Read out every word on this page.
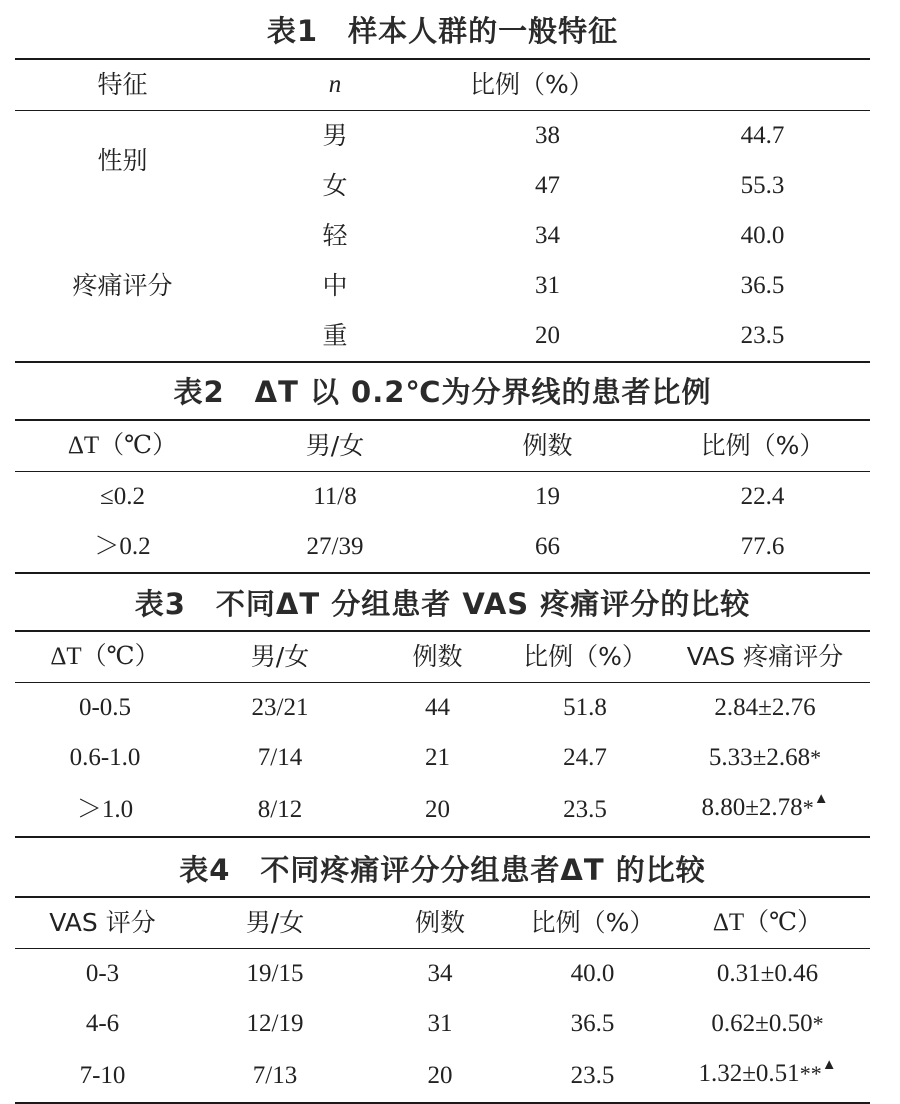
表1　样本人群的一般特征
特征	n	比例（%）	
性别	男	38	44.7
	女	47	55.3
疼痛评分	轻	34	40.0
	中	31	36.5
	重	20	23.5
表2　ΔT 以 0.2℃为分界线的患者比例
ΔT（℃）	男/女	例数	比例（%）
≤0.2	11/8	19	22.4
＞0.2	27/39	66	77.6
表3　不同ΔT 分组患者 VAS 疼痛评分的比较
ΔT（℃）	男/女	例数	比例（%）	VAS 疼痛评分
0-0.5	23/21	44	51.8	2.84±2.76
0.6-1.0	7/14	21	24.7	5.33±2.68*
＞1.0	8/12	20	23.5	8.80±2.78*▲
表4　不同疼痛评分分组患者ΔT 的比较
VAS 评分	男/女	例数	比例（%）	ΔT（℃）
0-3	19/15	34	40.0	0.31±0.46
4-6	12/19	31	36.5	0.62±0.50*
7-10	7/13	20	23.5	1.32±0.51**▲
